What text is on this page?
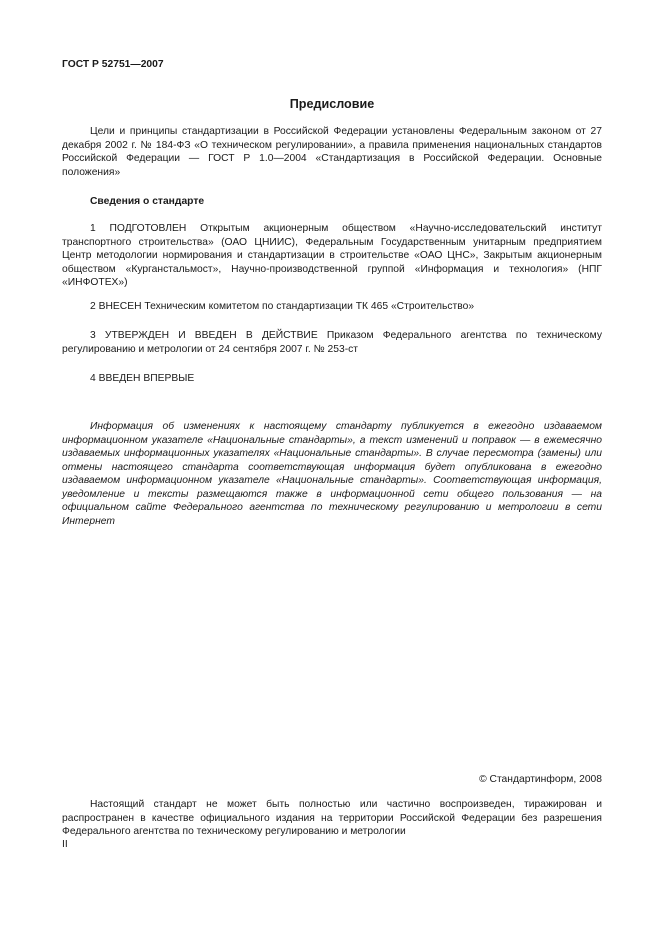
ГОСТ Р 52751—2007
Предисловие

Цели и принципы стандартизации в Российской Федерации установлены Федеральным законом от 27 декабря 2002 г. № 184-ФЗ «О техническом регулировании», а правила применения национальных стандартов Российской Федерации — ГОСТ Р 1.0—2004 «Стандартизация в Российской Федерации. Основные положения»

Сведения о стандарте

1 ПОДГОТОВЛЕН Открытым акционерным обществом «Научно-исследовательский институт транспортного строительства» (ОАО ЦНИИС), Федеральным Государственным унитарным предприятием Центр методологии нормирования и стандартизации в строительстве «ОАО ЦНС», Закрытым акционерным обществом «Курганстальмост», Научно-производственной группой «Информация и технология» (НПГ «ИНФОТЕХ»)

2 ВНЕСЕН Техническим комитетом по стандартизации ТК 465 «Строительство»

3 УТВЕРЖДЕН И ВВЕДЕН В ДЕЙСТВИЕ Приказом Федерального агентства по техническому регулированию и метрологии от 24 сентября 2007 г. № 253-ст

4 ВВЕДЕН ВПЕРВЫЕ

Информация об изменениях к настоящему стандарту публикуется в ежегодно издаваемом информационном указателе «Национальные стандарты», а текст изменений и поправок — в ежемесячно издаваемых информационных указателях «Национальные стандарты». В случае пересмотра (замены) или отмены настоящего стандарта соответствующая информация будет опубликована в ежегодно издаваемом информационном указателе «Национальные стандарты». Соответствующая информация, уведомление и тексты размещаются также в информационной сети общего пользования — на официальном сайте Федерального агентства по техническому регулированию и метрологии в сети Интернет

© Стандартинформ, 2008

Настоящий стандарт не может быть полностью или частично воспроизведен, тиражирован и распространен в качестве официального издания на территории Российской Федерации без разрешения Федерального агентства по техническому регулированию и метрологии

II
